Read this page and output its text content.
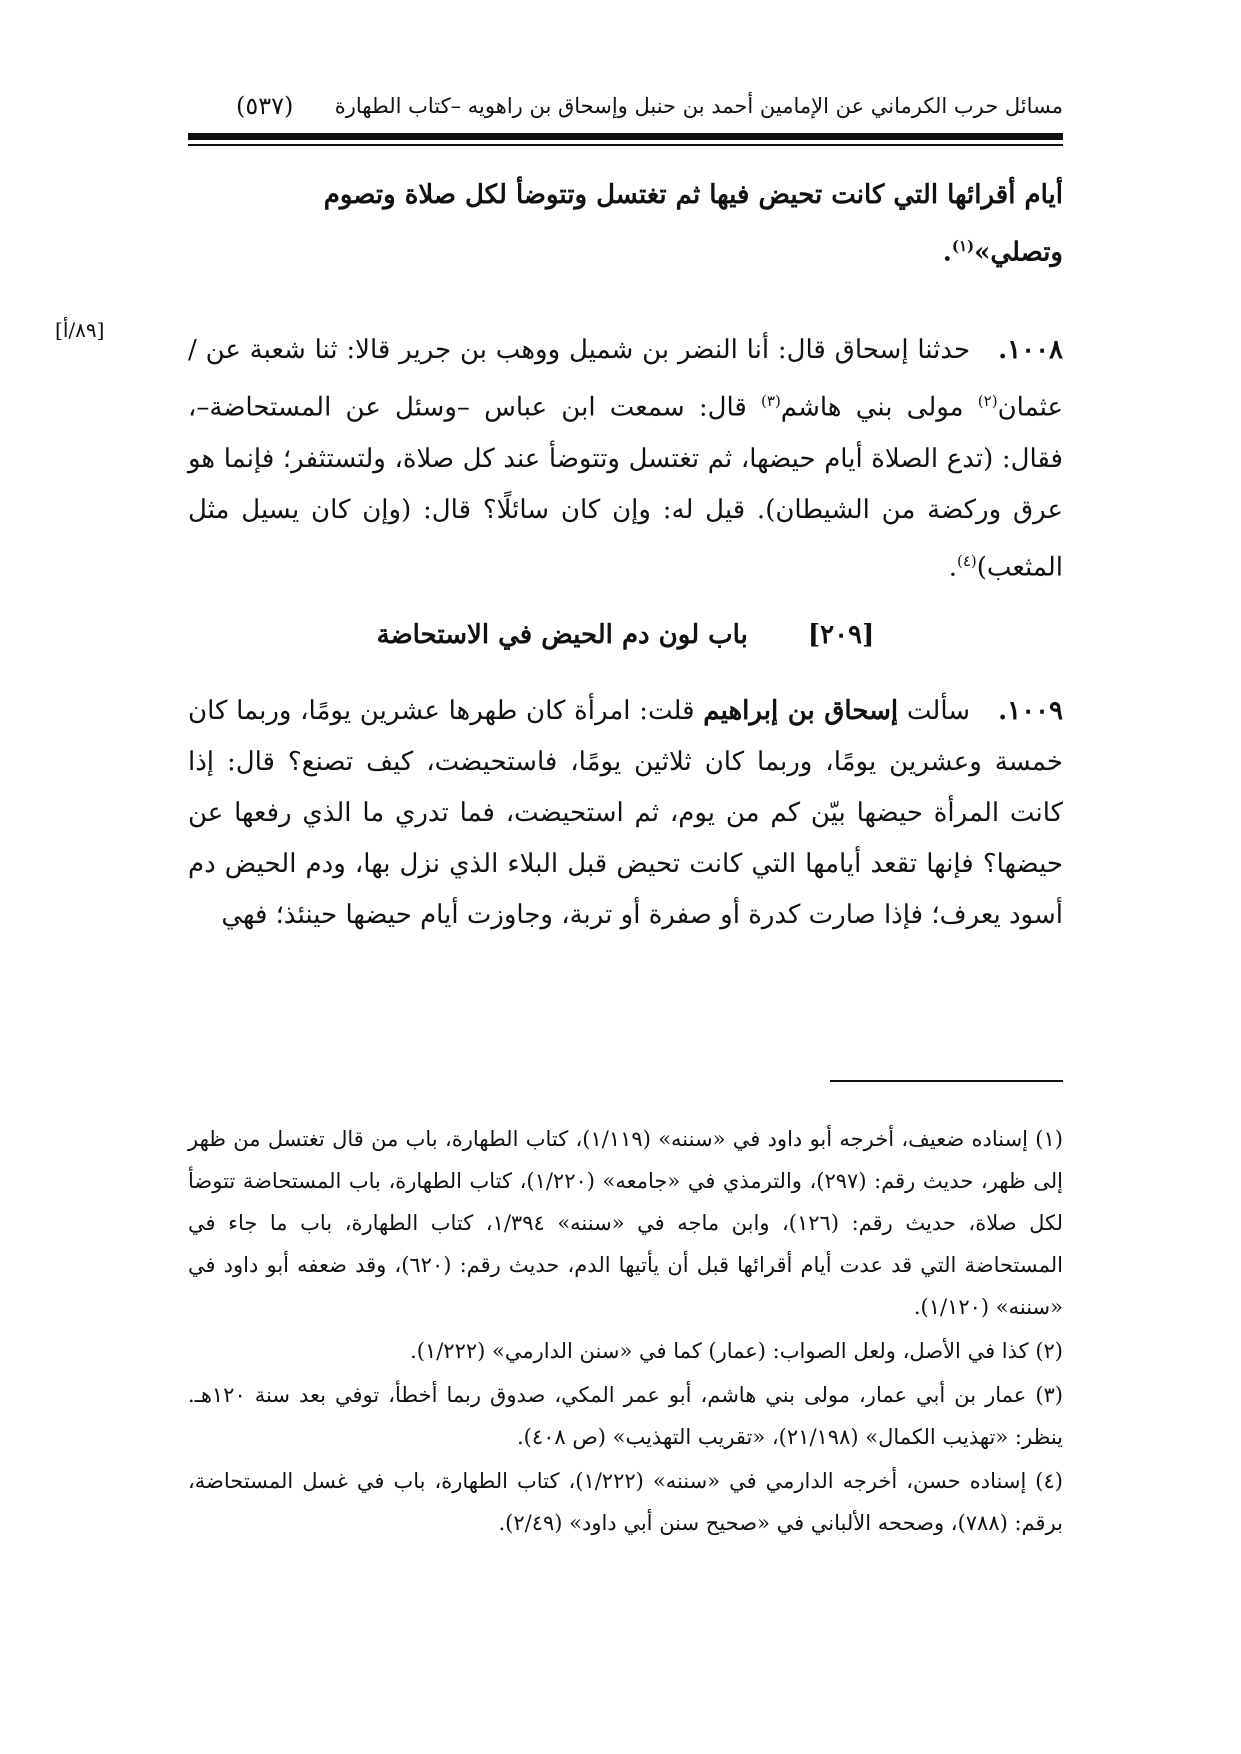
مسائل حرب الكرماني عن الإمامين أحمد بن حنبل وإسحاق بن راهويه –كتاب الطهارة
(٥٣٧)
أيام أقرائها التي كانت تحيض فيها ثم تغتسل وتتوضأ لكل صلاة وتصوم
وتصلي»$^{(١)}$.
[٨٩/أ]
١٠٠٨.حدثنا إسحاق قال: أنا النضر بن شميل ووهب بن جرير قالا: ثنا شعبة عن / عثمان$^{(٢)}$ مولى بني هاشم$^{(٣)}$ قال: سمعت ابن عباس –وسئل عن المستحاضة–، فقال: (تدع الصلاة أيام حيضها، ثم تغتسل وتتوضأ عند كل صلاة، ولتستثفر؛ فإنما هو عرق وركضة من الشيطان). قيل له: وإن كان سائلًا؟ قال: (وإن كان يسيل مثل المثعب)$^{(٤)}$.
[٢٠٩]باب لون دم الحيض في الاستحاضة
١٠٠٩.سألت إسحاق بن إبراهيم قلت: امرأة كان طهرها عشرين يومًا، وربما كان خمسة وعشرين يومًا، وربما كان ثلاثين يومًا، فاستحيضت، كيف تصنع؟ قال: إذا كانت المرأة حيضها بيّن كم من يوم، ثم استحيضت، فما تدري ما الذي رفعها عن حيضها؟ فإنها تقعد أيامها التي كانت تحيض قبل البلاء الذي نزل بها، ودم الحيض دم أسود يعرف؛ فإذا صارت كدرة أو صفرة أو تربة، وجاوزت أيام حيضها حينئذ؛ فهي
(١) إسناده ضعيف، أخرجه أبو داود في «سننه» (١/١١٩)، كتاب الطهارة، باب من قال تغتسل من ظهر إلى ظهر، حديث رقم: (٢٩٧)، والترمذي في «جامعه» (١/٢٢٠)، كتاب الطهارة، باب المستحاضة تتوضأ لكل صلاة، حديث رقم: (١٢٦)، وابن ماجه في «سننه» ١/٣٩٤، كتاب الطهارة، باب ما جاء في المستحاضة التي قد عدت أيام أقرائها قبل أن يأتيها الدم، حديث رقم: (٦٢٠)، وقد ضعفه أبو داود في «سننه» (١/١٢٠).
(٢) كذا في الأصل، ولعل الصواب: (عمار) كما في «سنن الدارمي» (١/٢٢٢).
(٣) عمار بن أبي عمار، مولى بني هاشم، أبو عمر المكي، صدوق ربما أخطأ، توفي بعد سنة ١٢٠هـ. ينظر: «تهذيب الكمال» (٢١/١٩٨)، «تقريب التهذيب» (ص ٤٠٨).
(٤) إسناده حسن، أخرجه الدارمي في «سننه» (١/٢٢٢)، كتاب الطهارة، باب في غسل المستحاضة، برقم: (٧٨٨)، وصححه الألباني في «صحيح سنن أبي داود» (٢/٤٩).
